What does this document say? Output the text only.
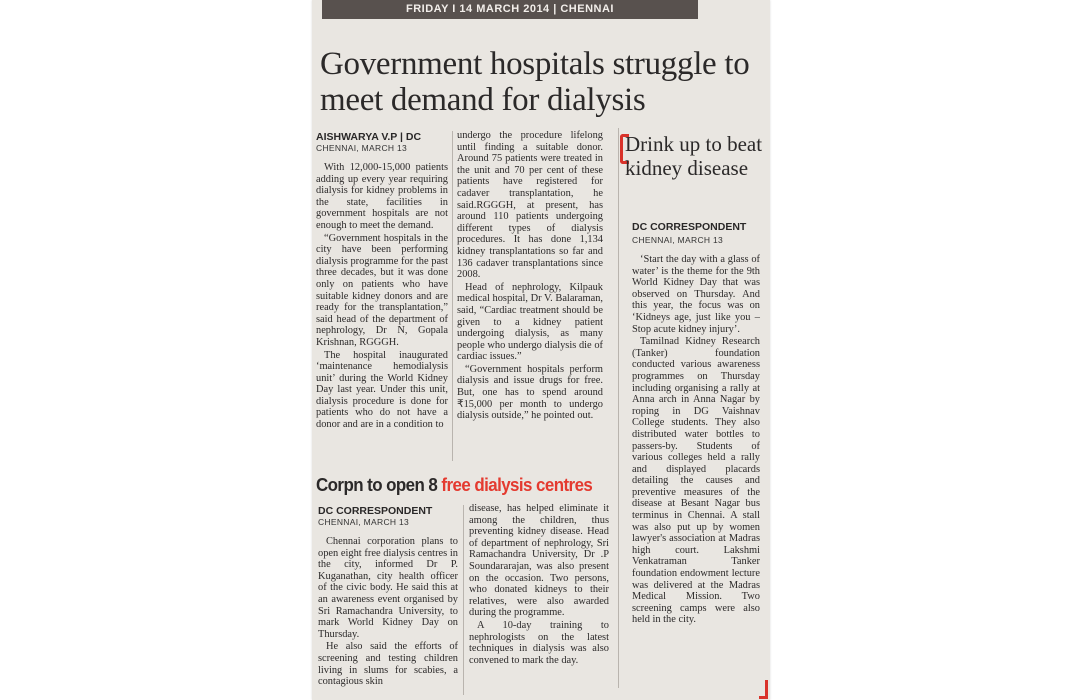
FRIDAY I 14 MARCH 2014 | CHENNAI
Government hospitals struggle to meet demand for dialysis
AISHWARYA V.P | DC
CHENNAI, MARCH 13

With 12,000-15,000 patients adding up every year requiring dialysis for kidney problems in the state, facilities in government hospitals are not enough to meet the demand.

“Government hospitals in the city have been performing dialysis programme for the past three decades, but it was done only on patients who have suitable kidney donors and are ready for the transplantation,” said head of the department of nephrology, Dr N, Gopala Krishnan, RGGGH.

The hospital inaugurated ‘maintenance hemodialysis unit’ during the World Kidney Day last year. Under this unit, dialysis procedure is done for patients who do not have a donor and are in a condition to

undergo the procedure lifelong until finding a suitable donor. Around 75 patients were treated in the unit and 70 per cent of these patients have registered for cadaver transplantation, he said.RGGGH, at present, has around 110 patients undergoing different types of dialysis procedures. It has done 1,134 kidney transplantations so far and 136 cadaver transplantations since 2008.

Head of nephrology, Kilpauk medical hospital, Dr V. Balaraman, said, “Cardiac treatment should be given to a kidney patient undergoing dialysis, as many people who undergo dialysis die of cardiac issues.”

“Government hospitals perform dialysis and issue drugs for free. But, one has to spend around ₹15,000 per month to undergo dialysis outside,” he pointed out.

Drink up to beat kidney disease
DC CORRESPONDENT
CHENNAI, MARCH 13

‘Start the day with a glass of water’ is the theme for the 9th World Kidney Day that was observed on Thursday. And this year, the focus was on ‘Kidneys age, just like you – Stop acute kidney injury’.

Tamilnad Kidney Research (Tanker) foundation conducted various awareness programmes on Thursday including organising a rally at Anna arch in Anna Nagar by roping in DG Vaishnav College students. They also distributed water bottles to passers-by. Students of various colleges held a rally and displayed placards detailing the causes and preventive measures of the disease at Besant Nagar bus terminus in Chennai. A stall was also put up by women lawyer's association at Madras high court. Lakshmi Venkatraman Tanker foundation endowment lecture was delivered at the Madras Medical Mission. Two screening camps were also held in the city.

Corpn to open 8 free dialysis centres
DC CORRESPONDENT
CHENNAI, MARCH 13

Chennai corporation plans to open eight free dialysis centres in the city, informed Dr P. Kuganathan, city health officer of the civic body. He said this at an awareness event organised by Sri Ramachandra University, to mark World Kidney Day on Thursday.

He also said the efforts of screening and testing children living in slums for scabies, a contagious skin

disease, has helped eliminate it among the children, thus preventing kidney disease. Head of department of nephrology, Sri Ramachandra University, Dr .P Soundararajan, was also present on the occasion. Two persons, who donated kidneys to their relatives, were also awarded during the programme.

A 10-day training to nephrologists on the latest techniques in dialysis was also convened to mark the day.
